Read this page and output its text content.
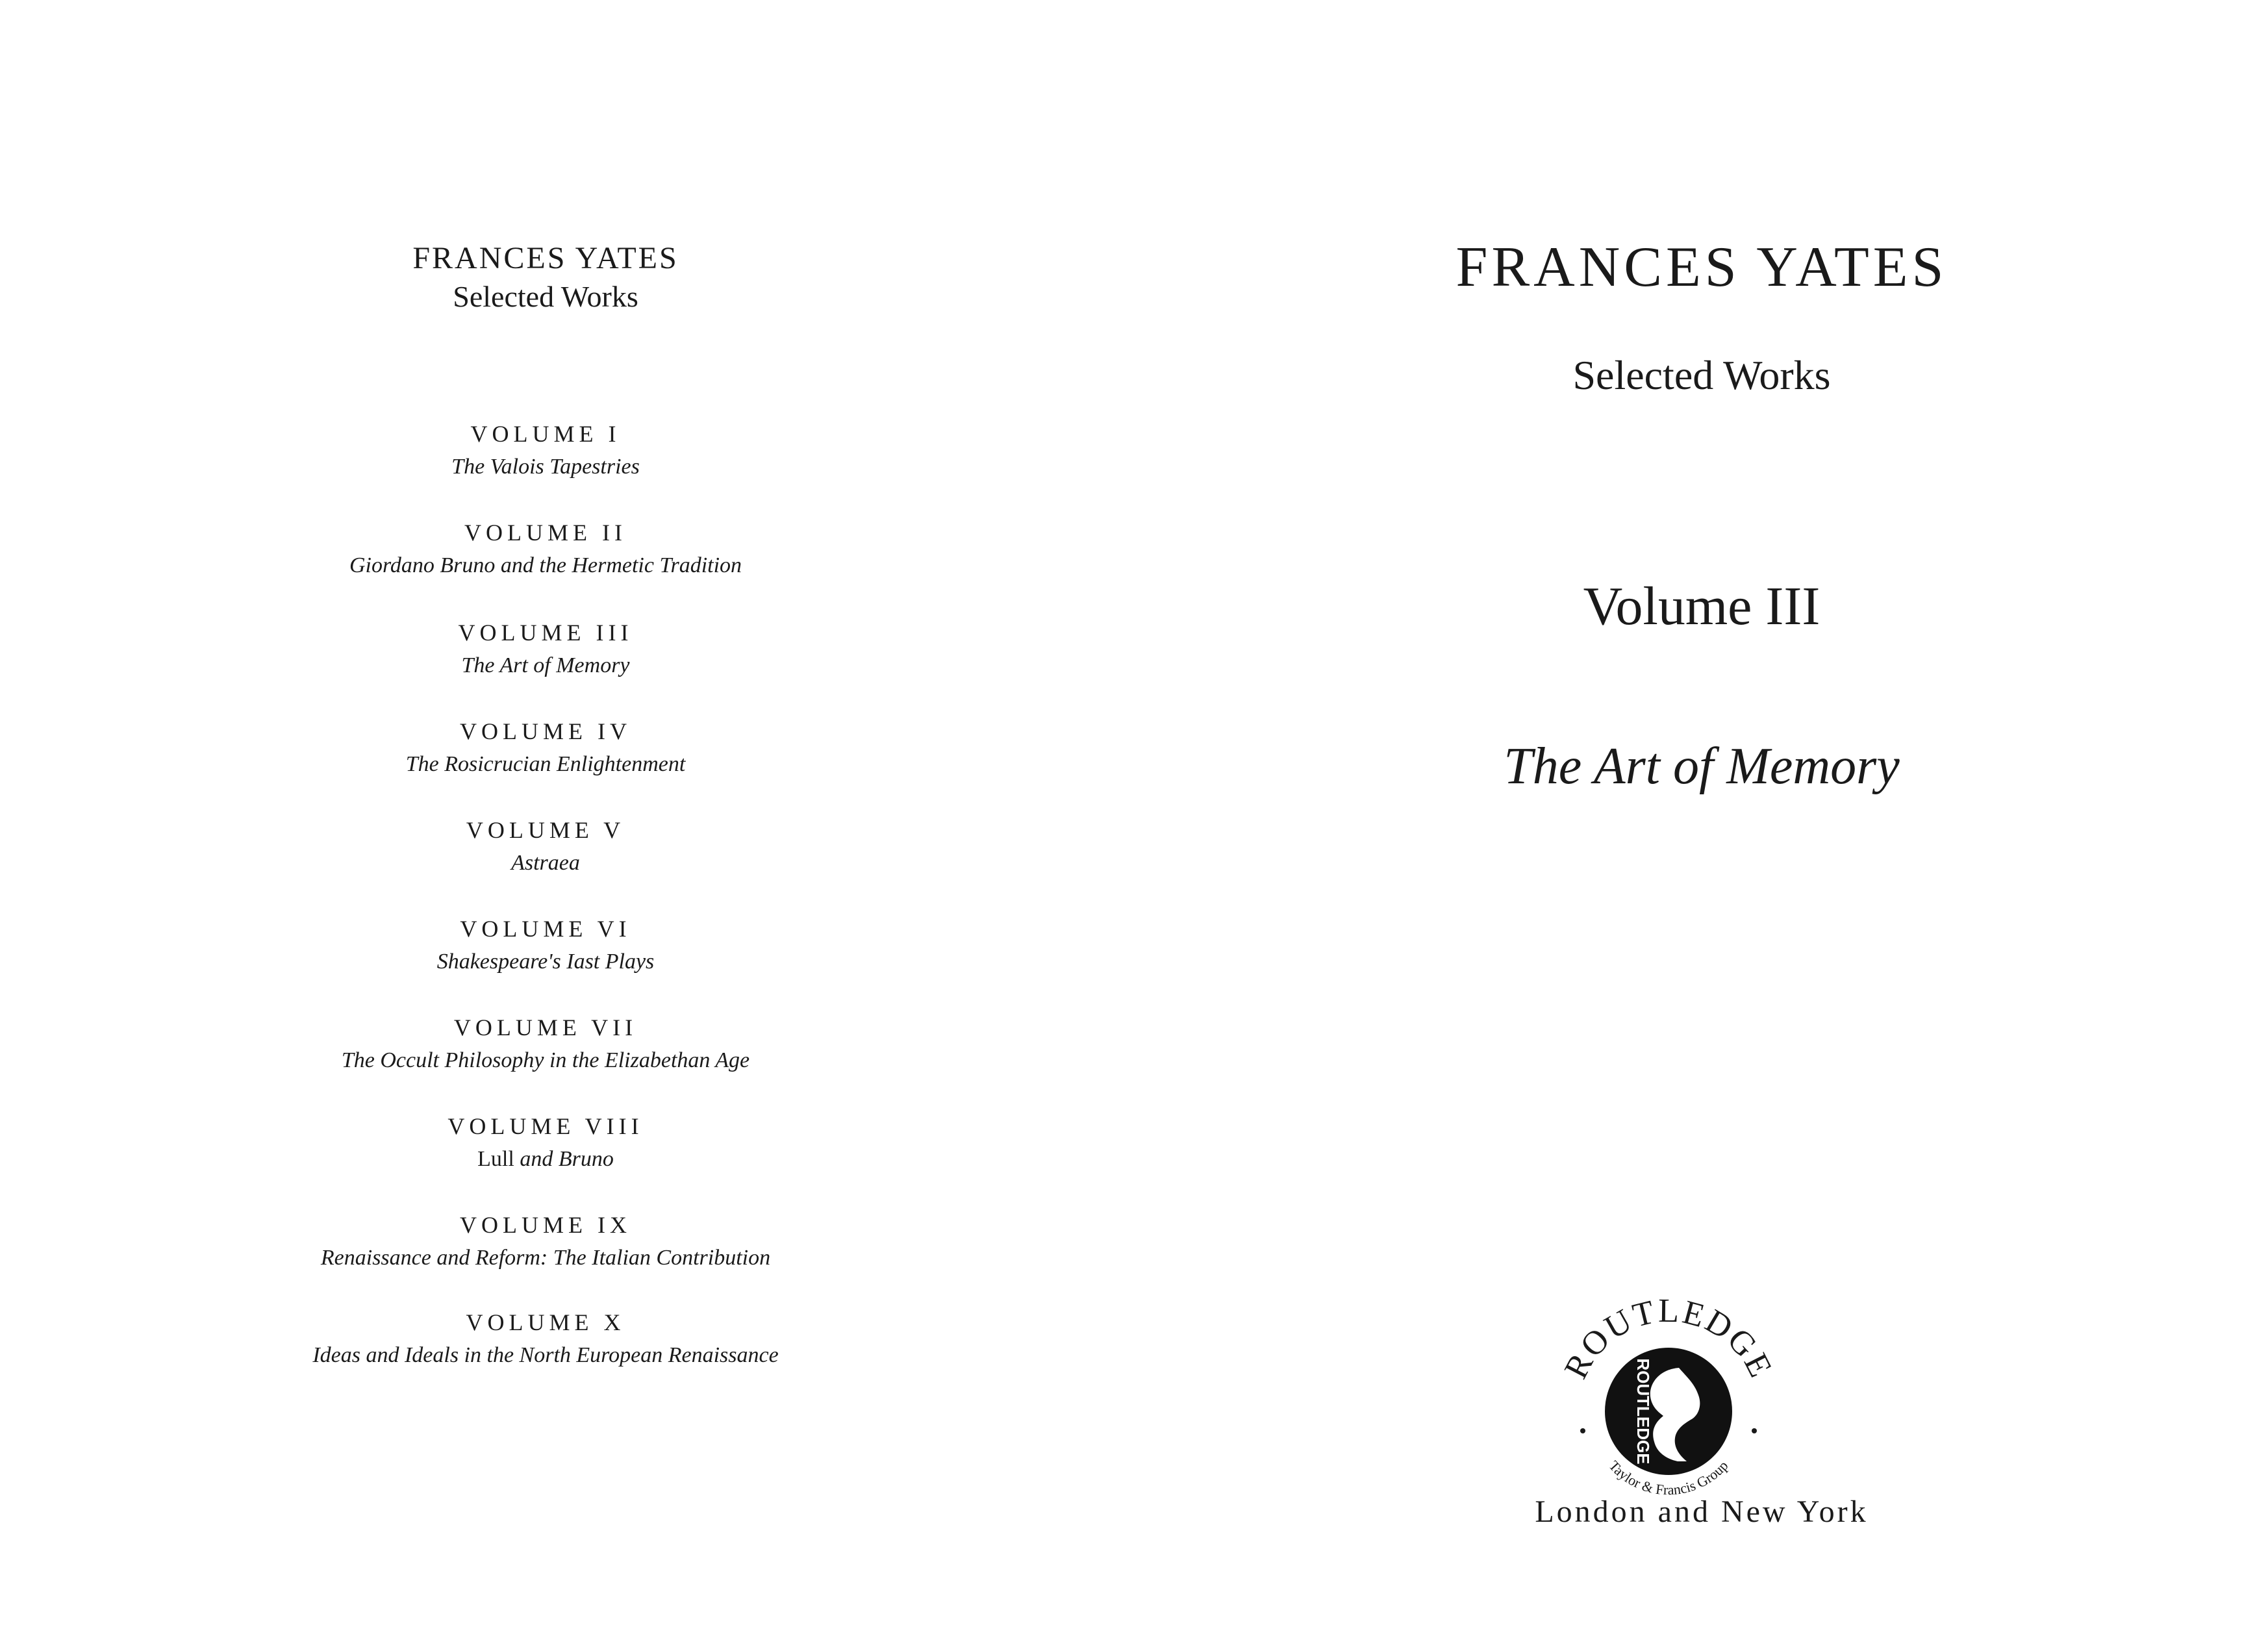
FRANCES YATES
Selected Works
VOLUME I
The Valois Tapestries
VOLUME II
Giordano Bruno and the Hermetic Tradition
VOLUME III
The Art of Memory
VOLUME IV
The Rosicrucian Enlightenment
VOLUME V
Astraea
VOLUME VI
Shakespeare's Iast Plays
VOLUME VII
The Occult Philosophy in the Elizabethan Age
VOLUME VIII
Lull and Bruno
VOLUME IX
Renaissance and Reform: The Italian Contribution
VOLUME X
Ideas and Ideals in the North European Renaissance
FRANCES YATES
Selected Works
Volume III
The Art of Memory
ROUTLEDGE
ROUTLEDGE
Taylor & Francis Group
London and New York
